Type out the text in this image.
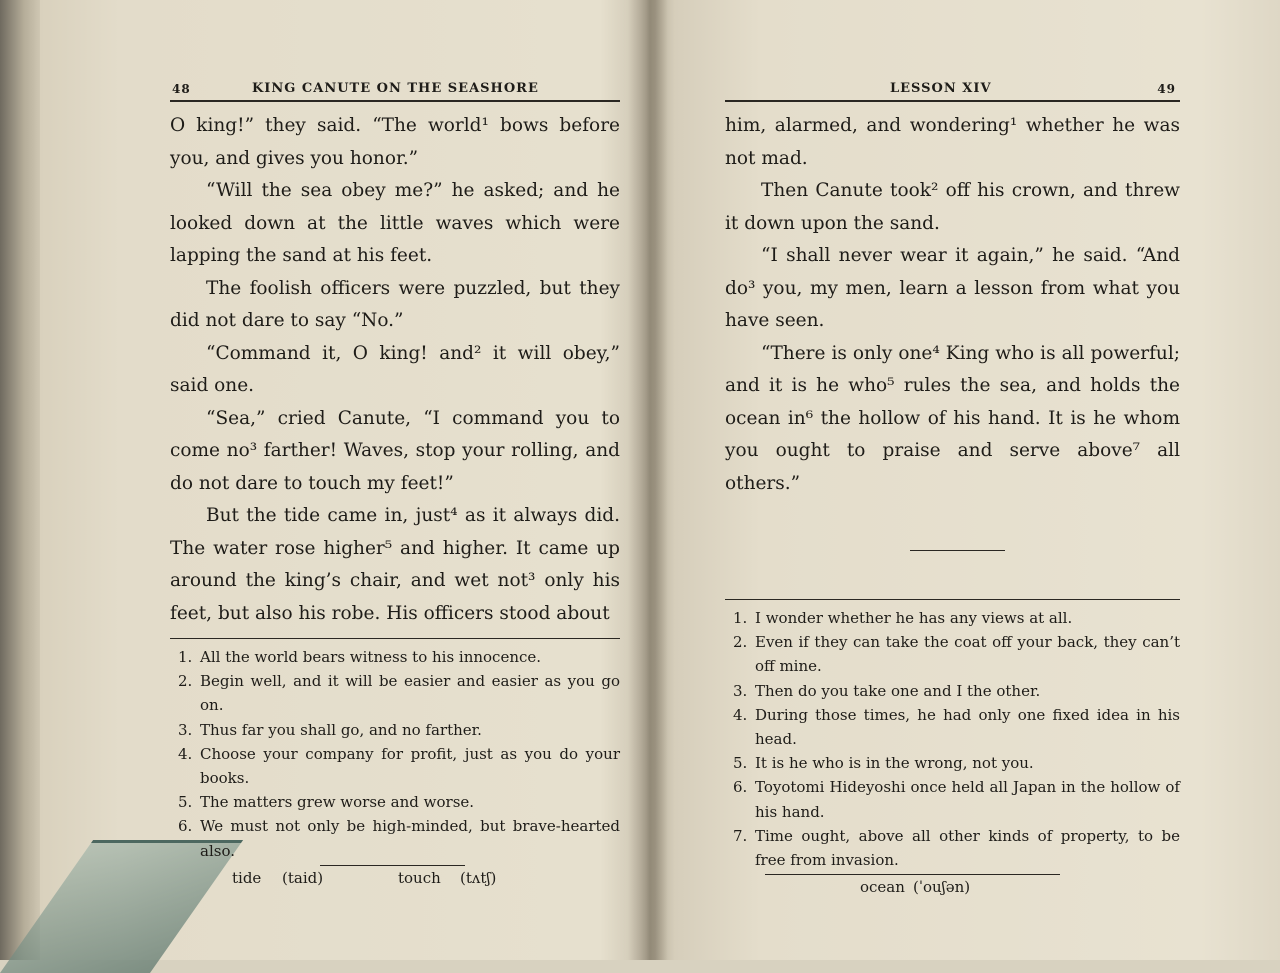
48	KING CANUTE ON THE SEASHORE

O king!” they said. “The world¹ bows before you, and gives you honor.”

“Will the sea obey me?” he asked; and he looked down at the little waves which were lapping the sand at his feet.

The foolish officers were puzzled, but they did not dare to say “No.”

“Command it, O king! and² it will obey,” said one.

“Sea,” cried Canute, “I command you to come no³ farther! Waves, stop your rolling, and do not dare to touch my feet!”

But the tide came in, just⁴ as it always did. The water rose higher⁵ and higher. It came up around the king’s chair, and wet not³ only his feet, but also his robe. His officers stood about

1. All the world bears witness to his innocence.
2. Begin well, and it will be easier and easier as you go on.
3. Thus far you shall go, and no farther.
4. Choose your company for profit, just as you do your books.
5. The matters grew worse and worse.
6. We must not only be high-minded, but brave-hearted also.
tide (taid)	touch (tʌtʃ)
LESSON XIV	49

him, alarmed, and wondering¹ whether he was not mad.

Then Canute took² off his crown, and threw it down upon the sand.

“I shall never wear it again,” he said. “And do³ you, my men, learn a lesson from what you have seen.

“There is only one⁴ King who is all powerful; and it is he who⁵ rules the sea, and holds the ocean in⁶ the hollow of his hand. It is he whom you ought to praise and serve above⁷ all others.”

1. I wonder whether he has any views at all.
2. Even if they can take the coat off your back, they can’t off mine.
3. Then do you take one and I the other.
4. During those times, he had only one fixed idea in his head.
5. It is he who is in the wrong, not you.
6. Toyotomi Hideyoshi once held all Japan in the hollow of his hand.
7. Time ought, above all other kinds of property, to be free from invasion.
ocean (ˈouʃən)
